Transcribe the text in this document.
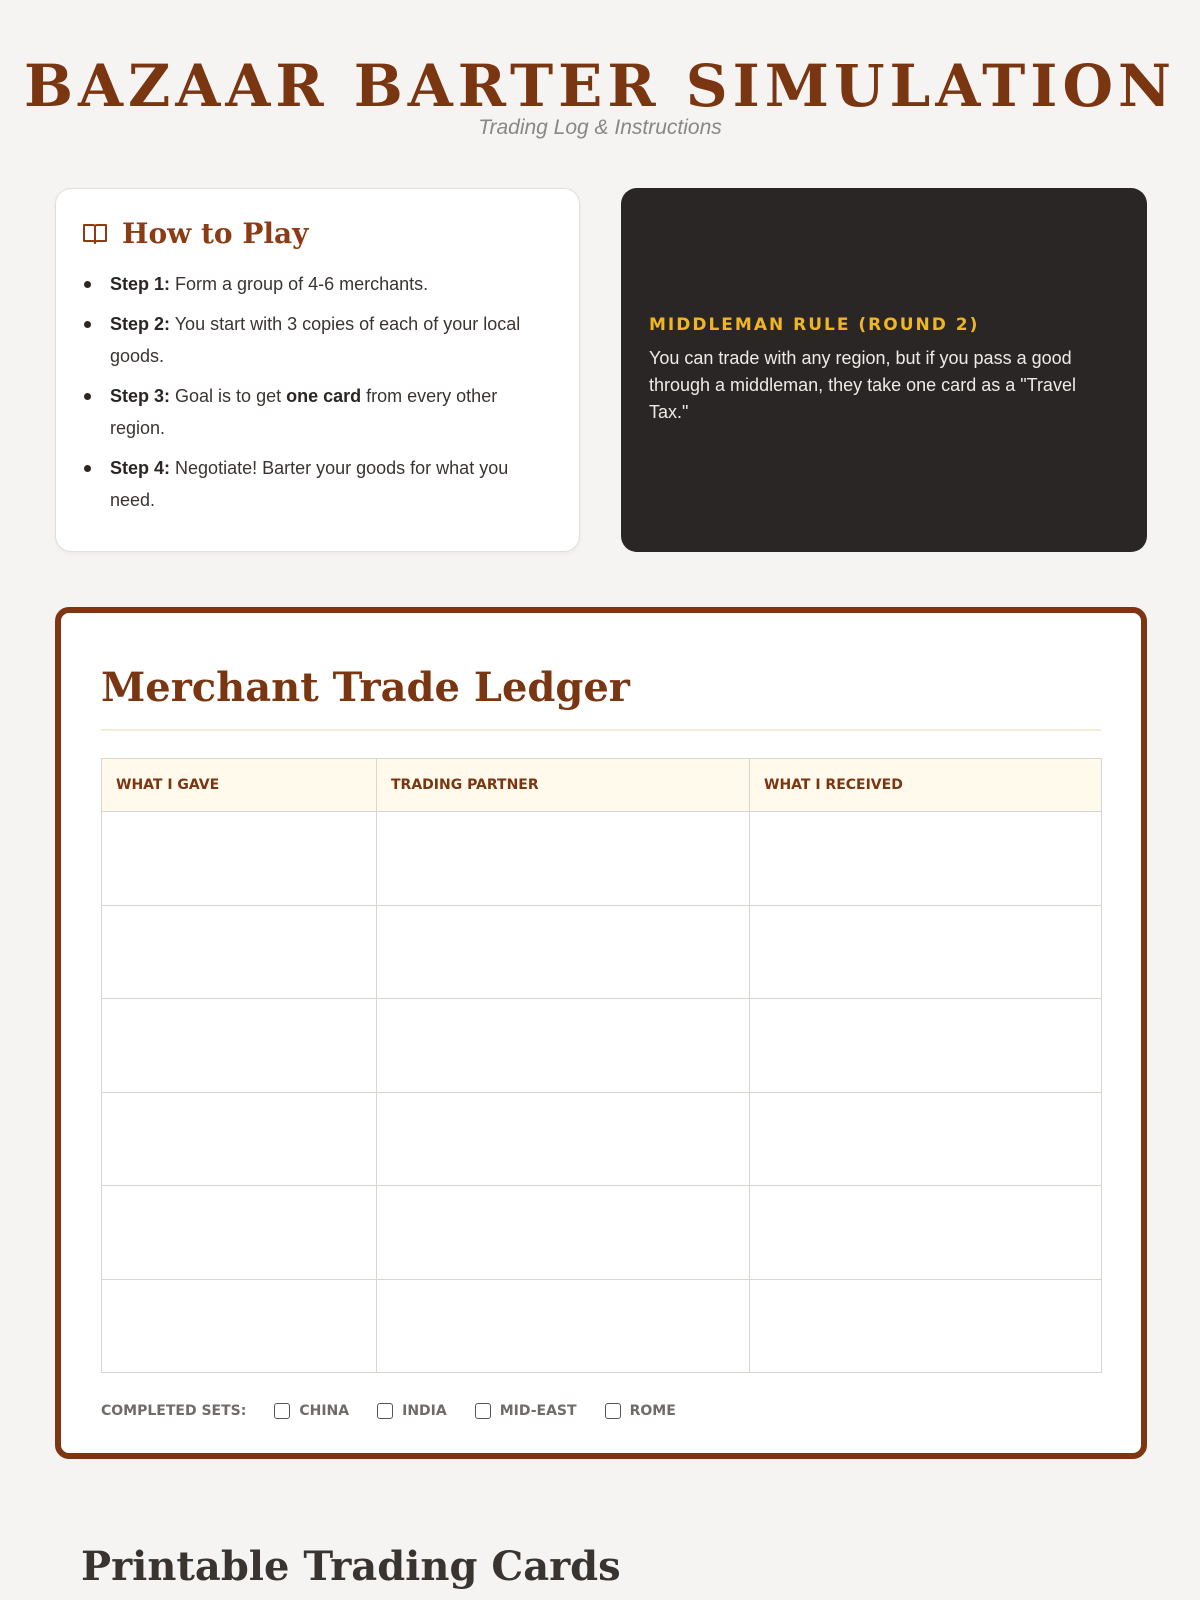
BAZAAR BARTER SIMULATION
Trading Log & Instructions
How to Play
Step 1: Form a group of 4-6 merchants.
Step 2: You start with 3 copies of each of your local goods.
Step 3: Goal is to get one card from every other region.
Step 4: Negotiate! Barter your goods for what you need.
MIDDLEMAN RULE (ROUND 2)

You can trade with any region, but if you pass a good through a middleman, they take one card as a "Travel Tax."

Merchant Trade Ledger
WHAT I GAVE	TRADING PARTNER	WHAT I RECEIVED

COMPLETED SETS:	CHINA	INDIA	MID-EAST	ROME
Printable Trading Cards
